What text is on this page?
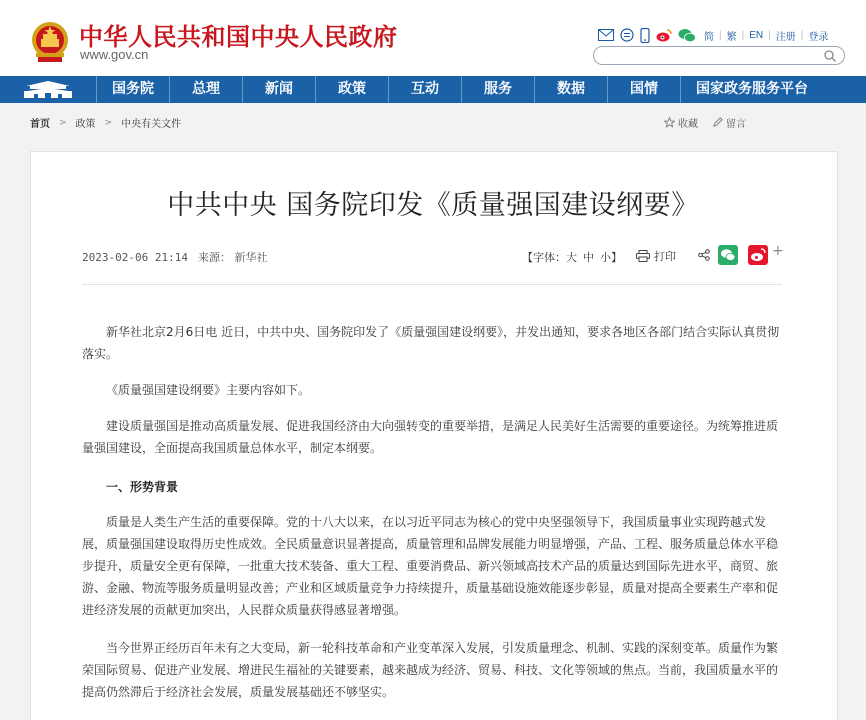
中华人民共和国中央人民政府
www.gov.cn
简 | 繁 | EN | 注册 | 登录
国务院	总理	新闻	政策	互动	服务	数据	国情	国家政务服务平台
首页 > 政策 > 中央有关文件	收藏	留言
中共中央 国务院印发《质量强国建设纲要》
2023-02-06 21:14 来源： 新华社	【字体：大 中 小】	打印	+

新华社北京2月6日电 近日，中共中央、国务院印发了《质量强国建设纲要》，并发出通知，要求各地区各部门结合实际认真贯彻落实。

《质量强国建设纲要》主要内容如下。

建设质量强国是推动高质量发展、促进我国经济由大向强转变的重要举措，是满足人民美好生活需要的重要途径。为统筹推进质量强国建设，全面提高我国质量总体水平，制定本纲要。

一、形势背景

质量是人类生产生活的重要保障。党的十八大以来，在以习近平同志为核心的党中央坚强领导下，我国质量事业实现跨越式发展，质量强国建设取得历史性成效。全民质量意识显著提高，质量管理和品牌发展能力明显增强，产品、工程、服务质量总体水平稳步提升，质量安全更有保障，一批重大技术装备、重大工程、重要消费品、新兴领域高技术产品的质量达到国际先进水平，商贸、旅游、金融、物流等服务质量明显改善；产业和区域质量竞争力持续提升，质量基础设施效能逐步彰显，质量对提高全要素生产率和促进经济发展的贡献更加突出，人民群众质量获得感显著增强。

当今世界正经历百年未有之大变局，新一轮科技革命和产业变革深入发展，引发质量理念、机制、实践的深刻变革。质量作为繁荣国际贸易、促进产业发展、增进民生福祉的关键要素，越来越成为经济、贸易、科技、文化等领域的焦点。当前，我国质量水平的提高仍然滞后于经济社会发展，质量发展基础还不够坚实。
